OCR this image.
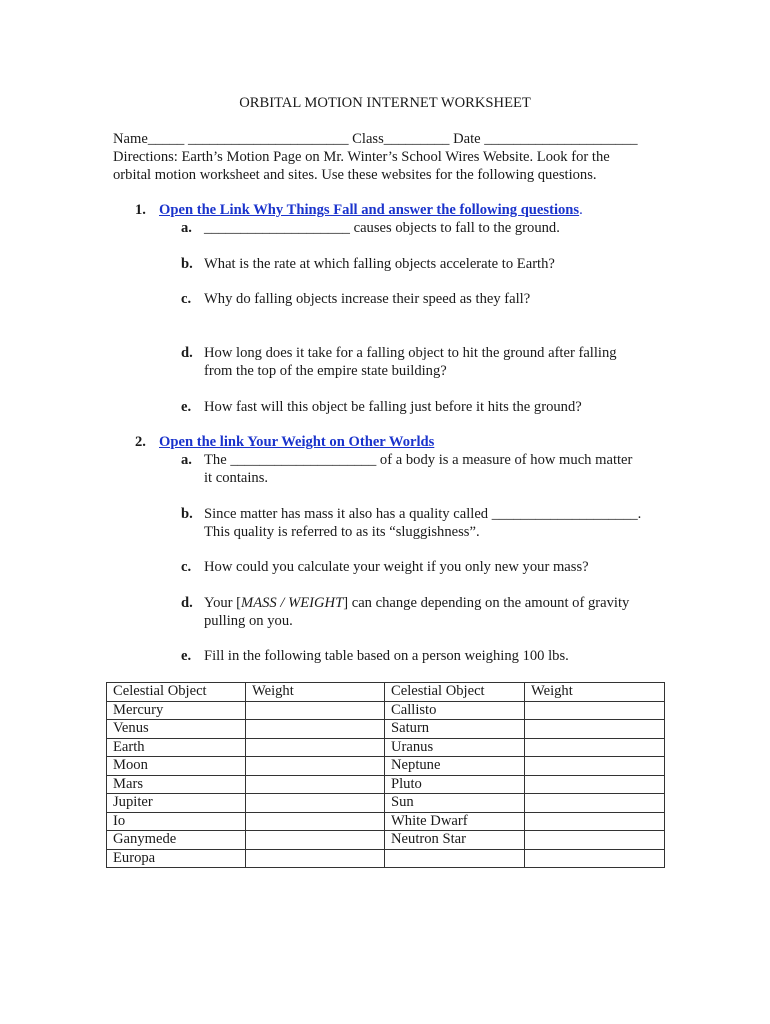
ORBITAL MOTION INTERNET WORKSHEET
Name_____ ______________________ Class_________ Date _____________________
Directions: Earth’s Motion Page on Mr. Winter’s School Wires Website. Look for the
orbital motion worksheet and sites. Use these websites for the following questions.
1. Open the Link Why Things Fall and answer the following questions.
a. ____________________ causes objects to fall to the ground.
b. What is the rate at which falling objects accelerate to Earth?
c. Why do falling objects increase their speed as they fall?
d. How long does it take for a falling object to hit the ground after falling
from the top of the empire state building?
e. How fast will this object be falling just before it hits the ground?
2. Open the link Your Weight on Other Worlds
a. The ____________________ of a body is a measure of how much matter
it contains.
b. Since matter has mass it also has a quality called ____________________.
This quality is referred to as its “sluggishness”.
c. How could you calculate your weight if you only new your mass?
d. Your [MASS / WEIGHT] can change depending on the amount of gravity
pulling on you.
e. Fill in the following table based on a person weighing 100 lbs.
Celestial Object	Weight	Celestial Object	Weight
Mercury		Callisto	
Venus		Saturn	
Earth		Uranus	
Moon		Neptune	
Mars		Pluto	
Jupiter		Sun	
Io		White Dwarf	
Ganymede		Neutron Star	
Europa			
